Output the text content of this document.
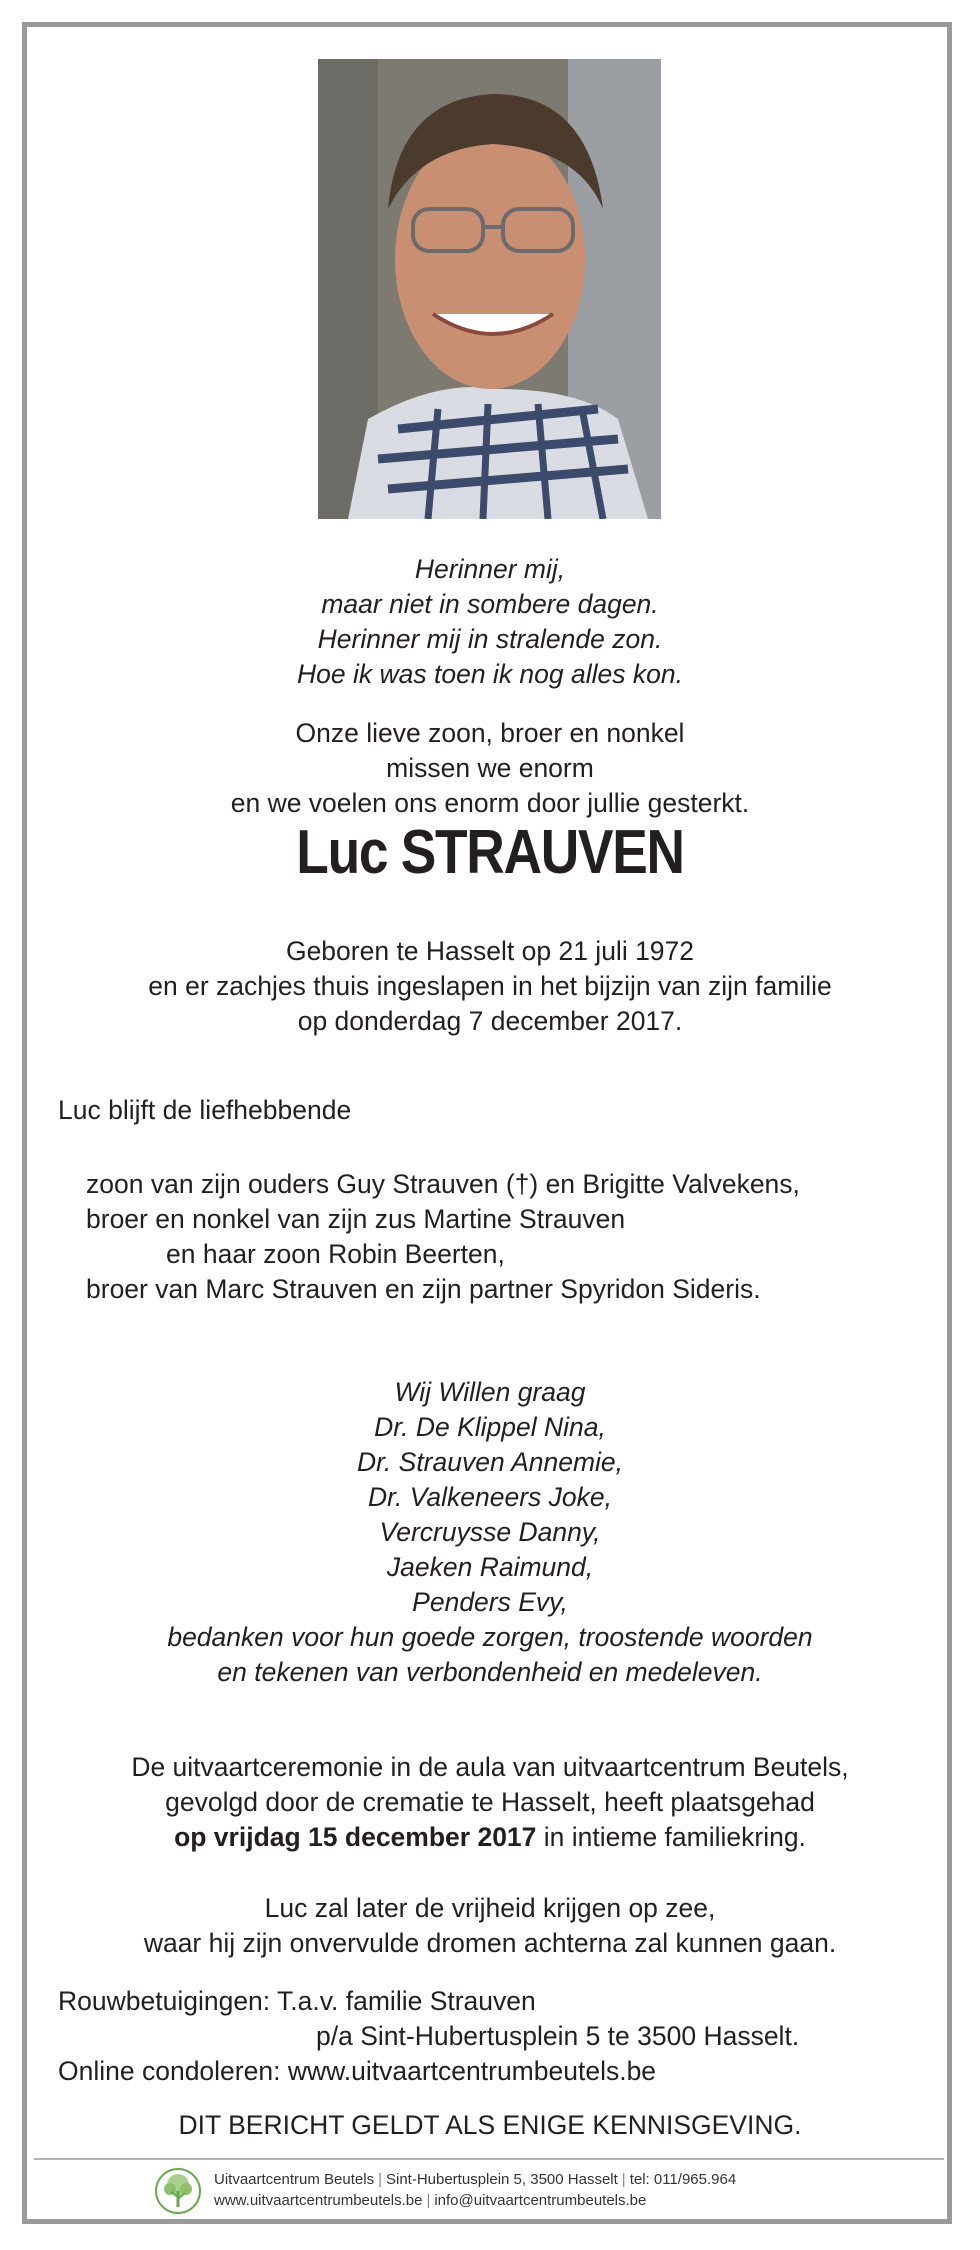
Herinner mij,

maar niet in sombere dagen.

Herinner mij in stralende zon.

Hoe ik was toen ik nog alles kon.

Onze lieve zoon, broer en nonkel

missen we enorm

en we voelen ons enorm door jullie gesterkt.

Luc STRAUVEN

Geboren te Hasselt op 21 juli 1972

en er zachjes thuis ingeslapen in het bijzijn van zijn familie

op donderdag 7 december 2017.

Luc blijft de liefhebbende
zoon van zijn ouders Guy Strauven (†) en Brigitte Valvekens,
broer en nonkel van zijn zus Martine Strauven
en haar zoon Robin Beerten,
broer van Marc Strauven en zijn partner Spyridon Sideris.

Wij Willen graag

Dr. De Klippel Nina,

Dr. Strauven Annemie,

Dr. Valkeneers Joke,

Vercruysse Danny,

Jaeken Raimund,

Penders Evy,

bedanken voor hun goede zorgen, troostende woorden

en tekenen van verbondenheid en medeleven.

De uitvaartceremonie in de aula van uitvaartcentrum Beutels,

gevolgd door de crematie te Hasselt, heeft plaatsgehad

op vrijdag 15 december 2017 in intieme familiekring.

Luc zal later de vrijheid krijgen op zee,

waar hij zijn onvervulde dromen achterna zal kunnen gaan.

Rouwbetuigingen: T.a.v. familie Strauven
p/a Sint-Hubertusplein 5 te 3500 Hasselt.
Online condoleren: www.uitvaartcentrumbeutels.be

DIT BERICHT GELDT ALS ENIGE KENNISGEVING.

Uitvaartcentrum Beutels | Sint-Hubertusplein 5, 3500 Hasselt | tel: 011/965.964
www.uitvaartcentrumbeutels.be | info@uitvaartcentrumbeutels.be
